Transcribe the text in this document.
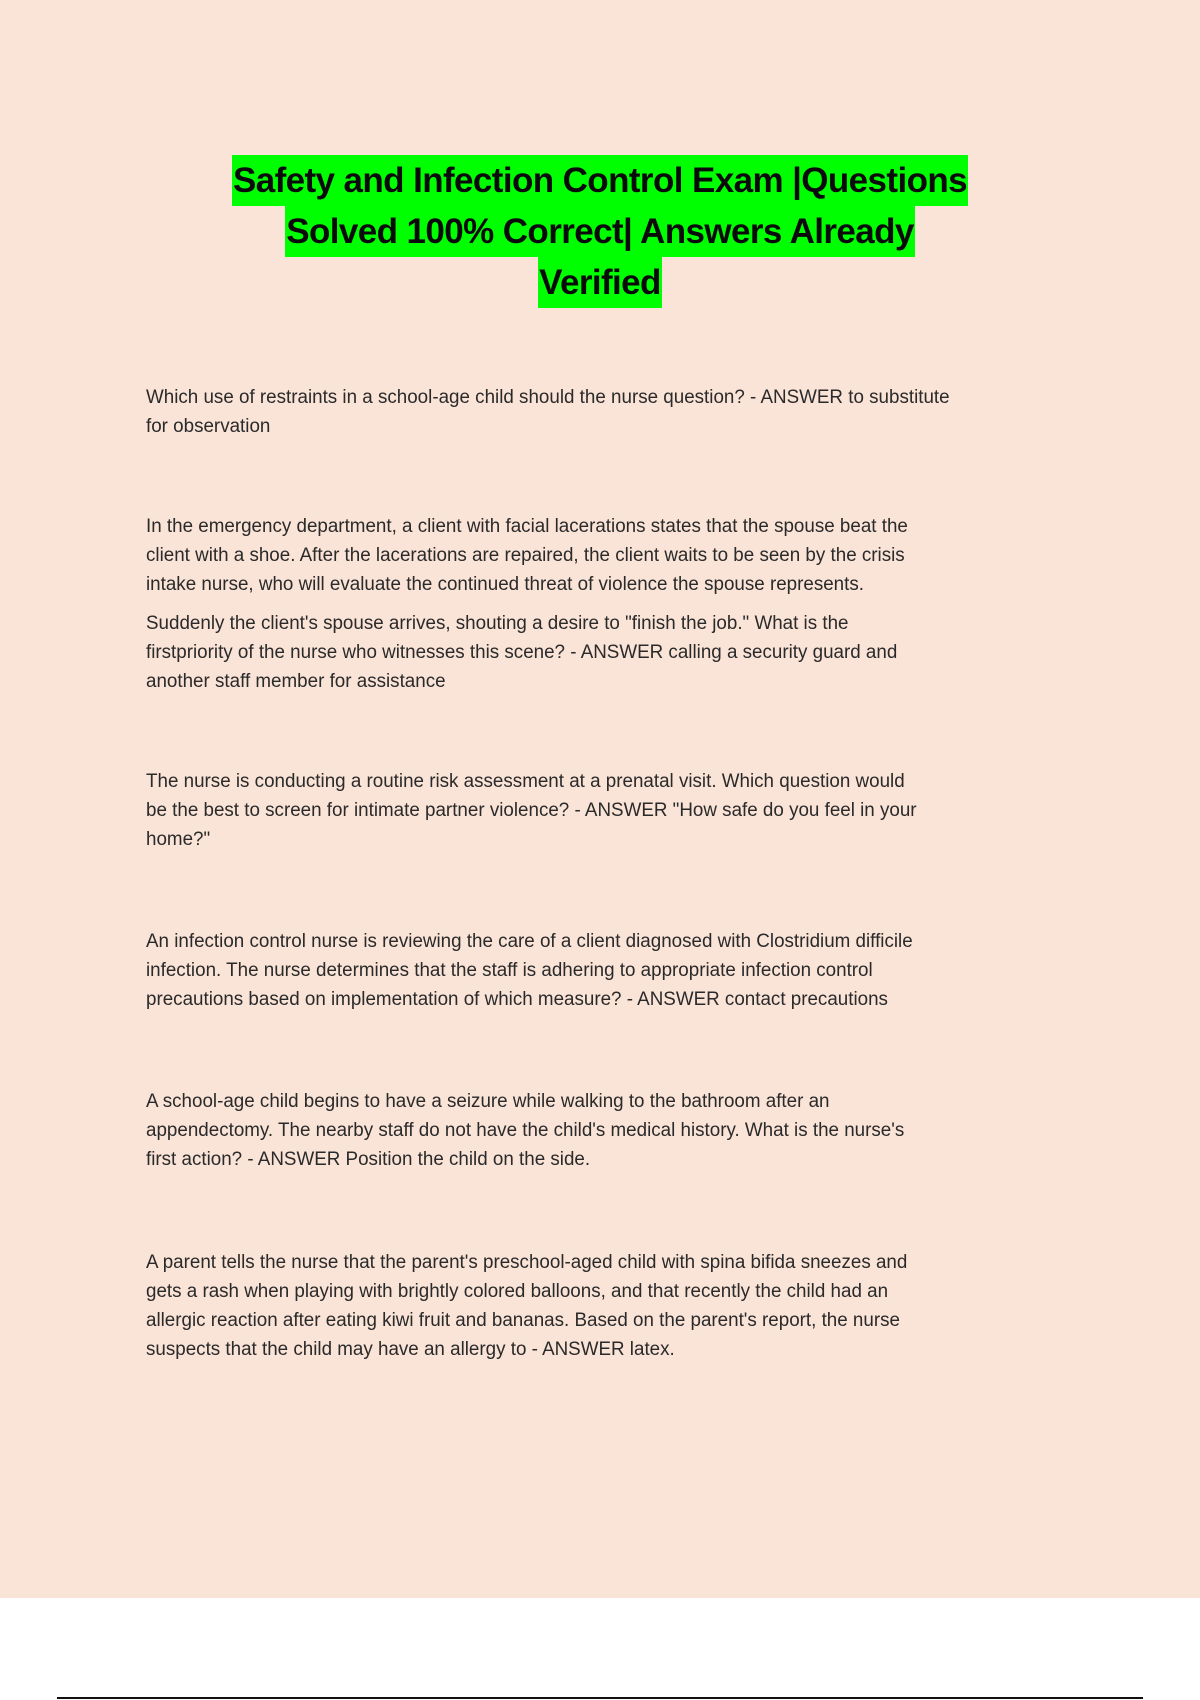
Safety and Infection Control Exam |Questions
Solved 100% Correct| Answers Already
Verified
Which use of restraints in a school-age child should the nurse question? - ANSWER to substitute
for observation
In the emergency department, a client with facial lacerations states that the spouse beat the
client with a shoe. After the lacerations are repaired, the client waits to be seen by the crisis
intake nurse, who will evaluate the continued threat of violence the spouse represents.
Suddenly the client's spouse arrives, shouting a desire to "finish the job." What is the
firstpriority of the nurse who witnesses this scene? - ANSWER calling a security guard and
another staff member for assistance
The nurse is conducting a routine risk assessment at a prenatal visit. Which question would
be the best to screen for intimate partner violence? - ANSWER "How safe do you feel in your
home?"
An infection control nurse is reviewing the care of a client diagnosed with Clostridium difficile
infection. The nurse determines that the staff is adhering to appropriate infection control
precautions based on implementation of which measure? - ANSWER contact precautions
A school-age child begins to have a seizure while walking to the bathroom after an
appendectomy. The nearby staff do not have the child's medical history. What is the nurse's
first action? - ANSWER Position the child on the side.
A parent tells the nurse that the parent's preschool-aged child with spina bifida sneezes and
gets a rash when playing with brightly colored balloons, and that recently the child had an
allergic reaction after eating kiwi fruit and bananas. Based on the parent's report, the nurse
suspects that the child may have an allergy to - ANSWER latex.
